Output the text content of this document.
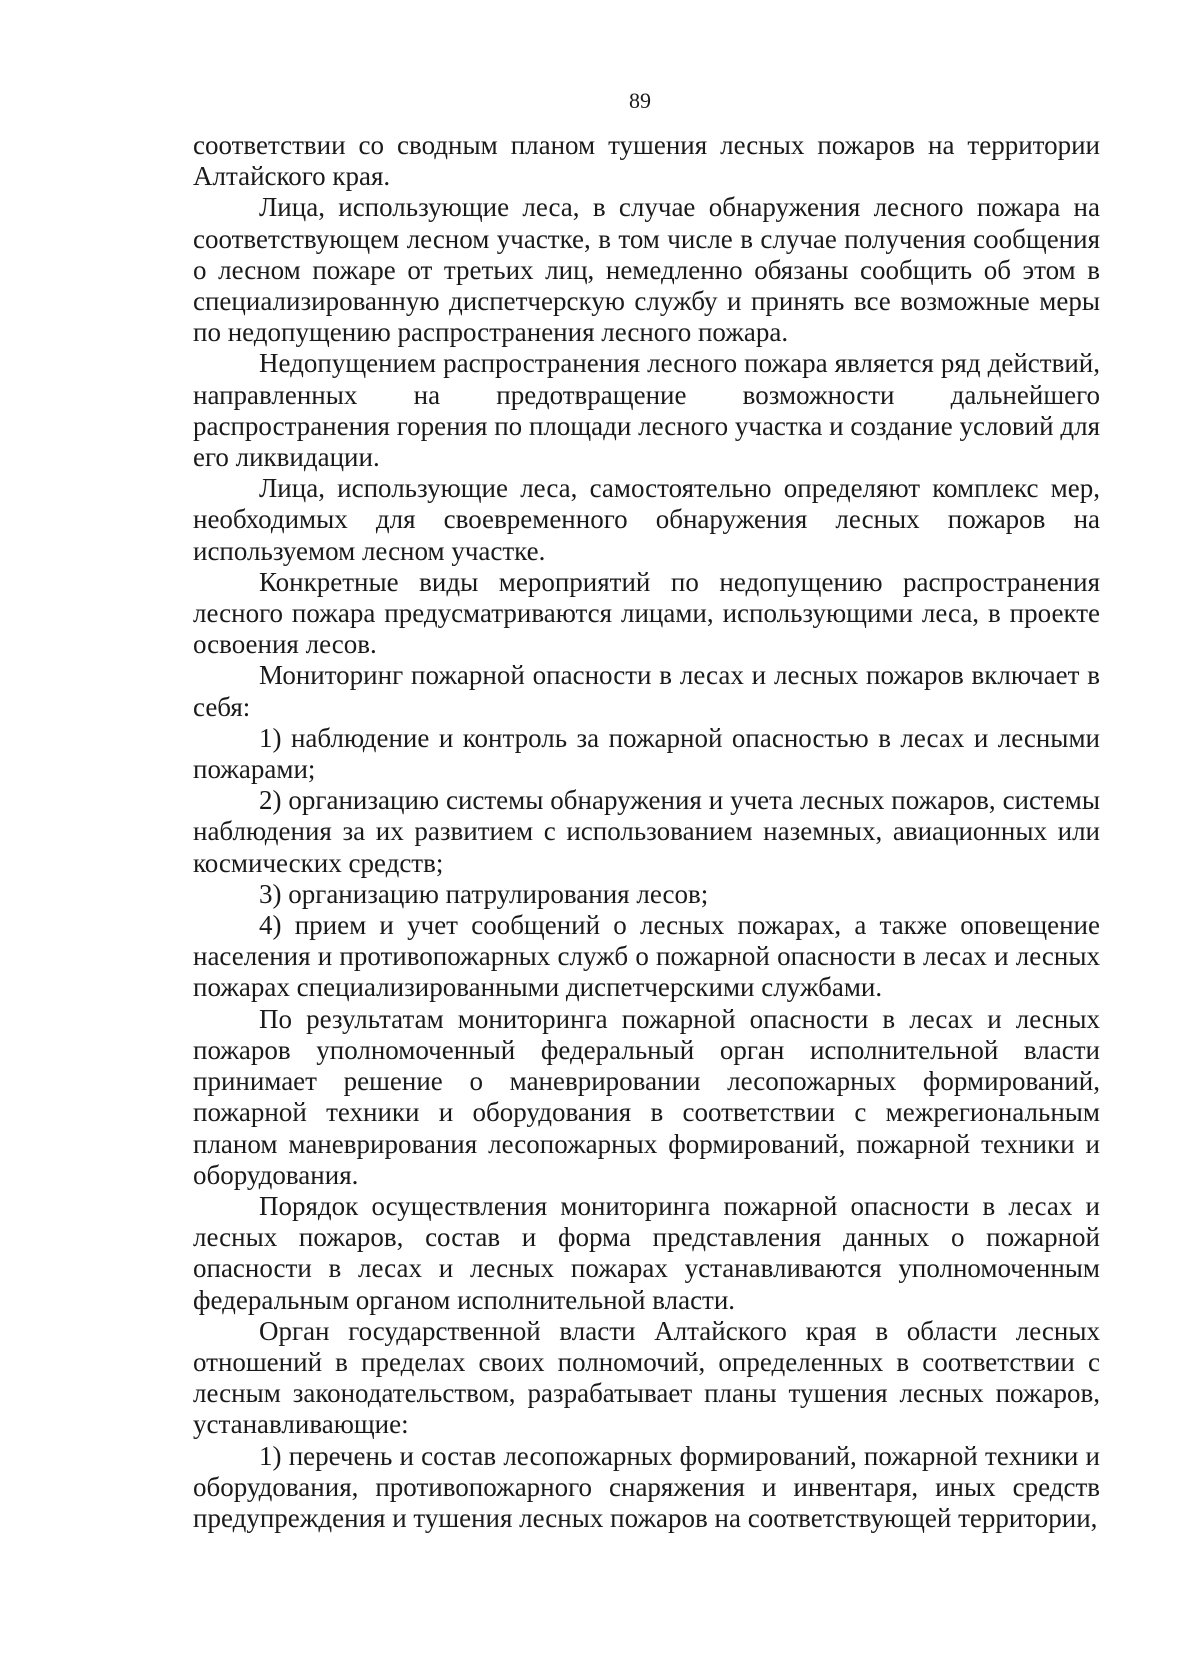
89

соответствии со сводным планом тушения лесных пожаров на территории Алтайского края.

Лица, использующие леса, в случае обнаружения лесного пожара на соответствующем лесном участке, в том числе в случае получения сообщения о лесном пожаре от третьих лиц, немедленно обязаны сообщить об этом в специализированную диспетчерскую службу и принять все возможные меры по недопущению распространения лесного пожара.

Недопущением распространения лесного пожара является ряд действий, направленных на предотвращение возможности дальнейшего распространения горения по площади лесного участка и создание условий для его ликвидации.

Лица, использующие леса, самостоятельно определяют комплекс мер, необходимых для своевременного обнаружения лесных пожаров на используемом лесном участке.

Конкретные виды мероприятий по недопущению распространения лесного пожара предусматриваются лицами, использующими леса, в проекте освоения лесов.

Мониторинг пожарной опасности в лесах и лесных пожаров включает в себя:

1) наблюдение и контроль за пожарной опасностью в лесах и лесными пожарами;

2) организацию системы обнаружения и учета лесных пожаров, системы наблюдения за их развитием с использованием наземных, авиационных или космических средств;

3) организацию патрулирования лесов;

4) прием и учет сообщений о лесных пожарах, а также оповещение населения и противопожарных служб о пожарной опасности в лесах и лесных пожарах специализированными диспетчерскими службами.

По результатам мониторинга пожарной опасности в лесах и лесных пожаров уполномоченный федеральный орган исполнительной власти принимает решение о маневрировании лесопожарных формирований, пожарной техники и оборудования в соответствии с межрегиональным планом маневрирования лесопожарных формирований, пожарной техники и оборудования.

Порядок осуществления мониторинга пожарной опасности в лесах и лесных пожаров, состав и форма представления данных о пожарной опасности в лесах и лесных пожарах устанавливаются уполномоченным федеральным органом исполнительной власти.

Орган государственной власти Алтайского края в области лесных отношений в пределах своих полномочий, определенных в соответствии с лесным законодательством, разрабатывает планы тушения лесных пожаров, устанавливающие:

1) перечень и состав лесопожарных формирований, пожарной техники и оборудования, противопожарного снаряжения и инвентаря, иных средств предупреждения и тушения лесных пожаров на соответствующей территории,
